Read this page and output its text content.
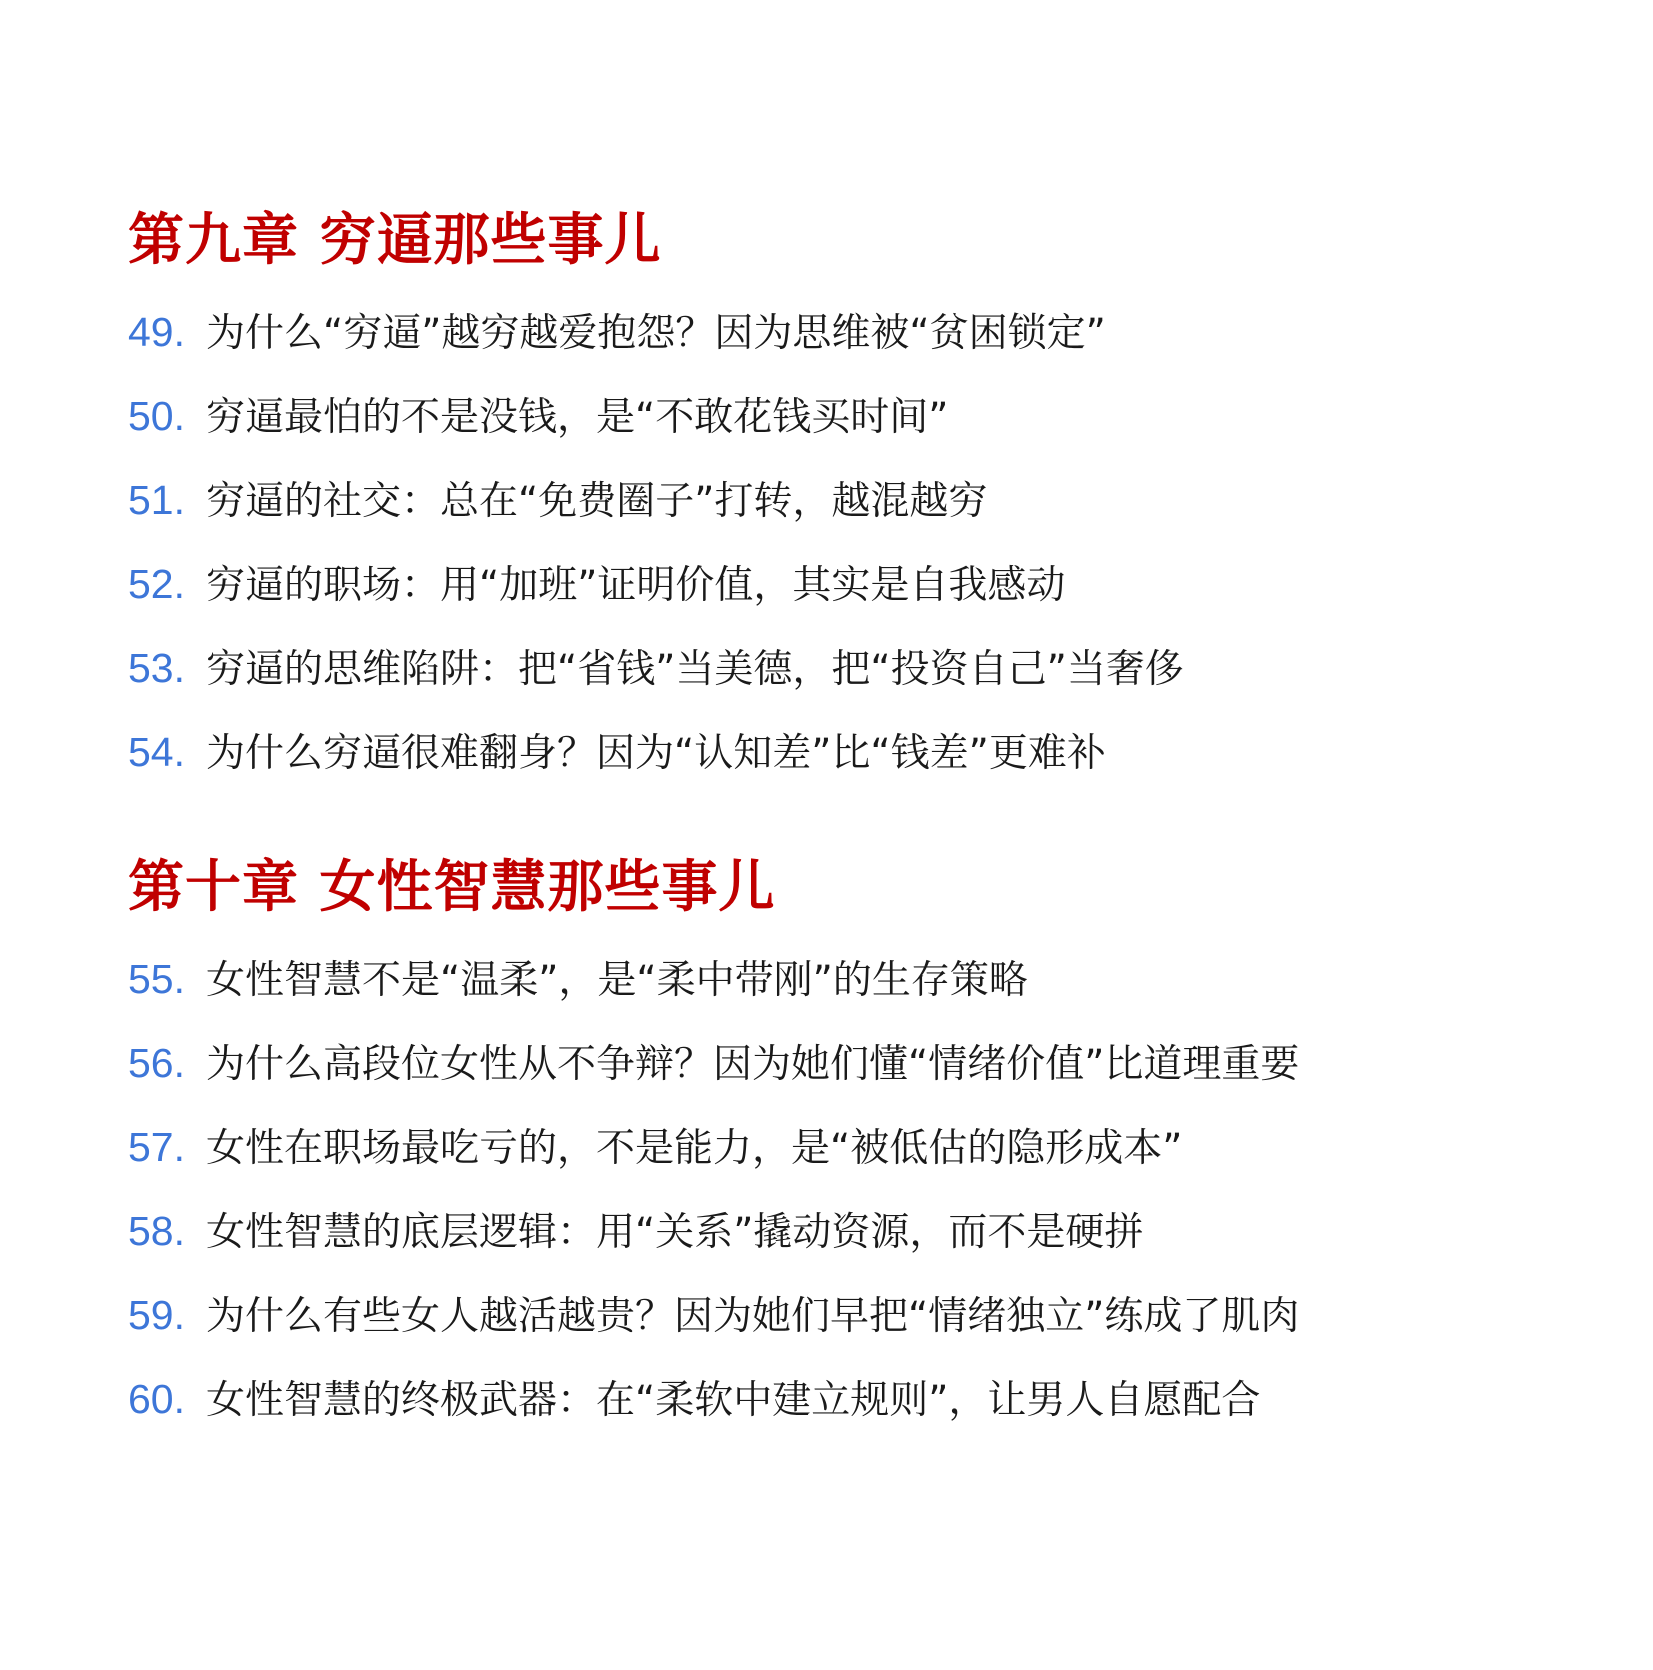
第九章 穷逼那些事儿
49. 为什么“穷逼”越穷越爱抱怨？因为思维被“贫困锁定”
50. 穷逼最怕的不是没钱，是“不敢花钱买时间”
51. 穷逼的社交：总在“免费圈子”打转，越混越穷
52. 穷逼的职场：用“加班”证明价值，其实是自我感动
53. 穷逼的思维陷阱：把“省钱”当美德，把“投资自己”当奢侈
54. 为什么穷逼很难翻身？因为“认知差”比“钱差”更难补
第十章 女性智慧那些事儿
55. 女性智慧不是“温柔”，是“柔中带刚”的生存策略
56. 为什么高段位女性从不争辩？因为她们懂“情绪价值”比道理重要
57. 女性在职场最吃亏的，不是能力，是“被低估的隐形成本”
58. 女性智慧的底层逻辑：用“关系”撬动资源，而不是硬拼
59. 为什么有些女人越活越贵？因为她们早把“情绪独立”练成了肌肉
60. 女性智慧的终极武器：在“柔软中建立规则”，让男人自愿配合
